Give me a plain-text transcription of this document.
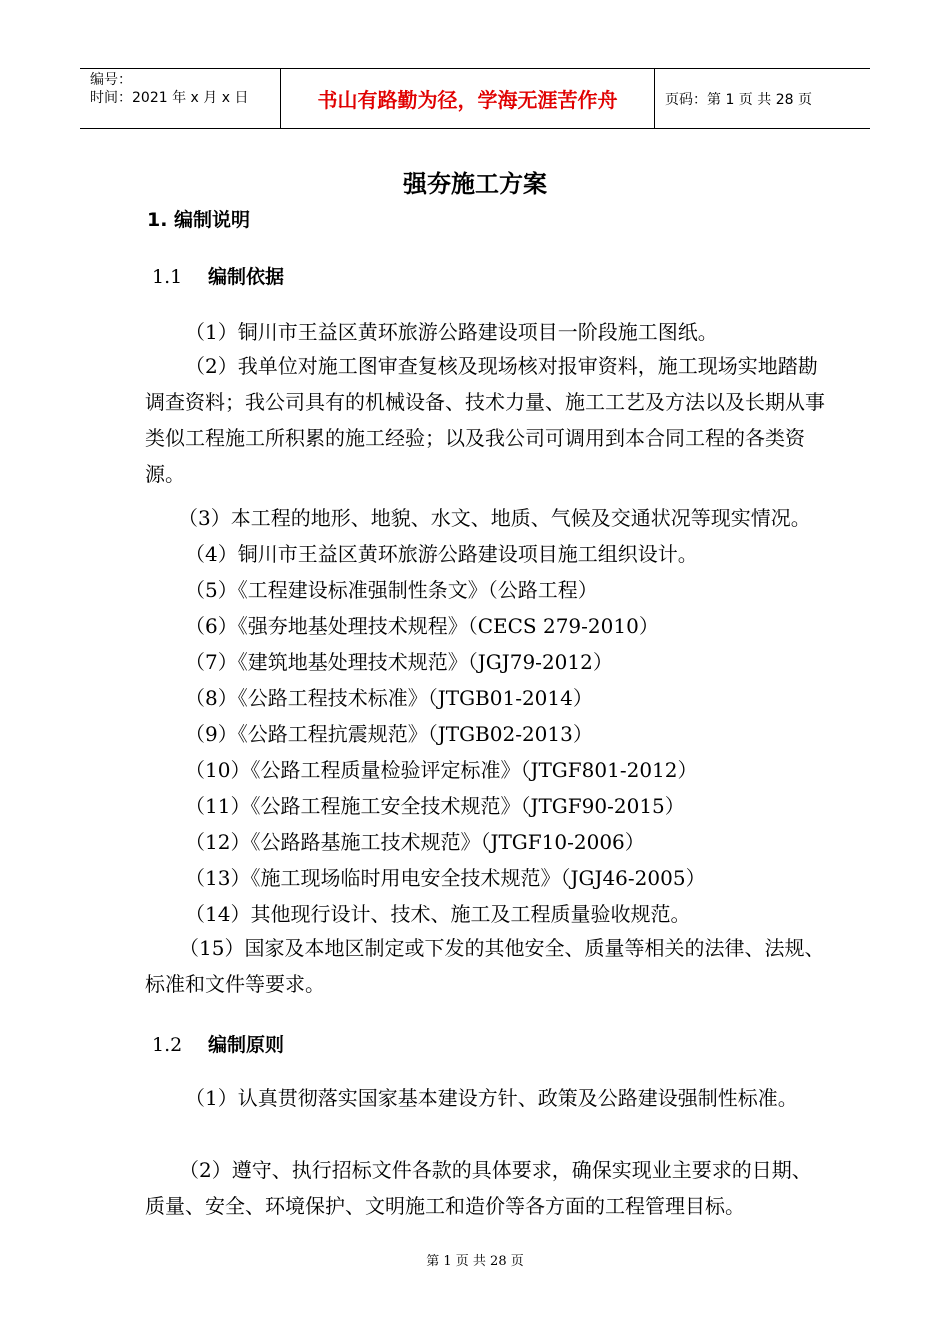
编号：
时间：2021 年 x 月 x 日	书山有路勤为径，学海无涯苦作舟	页码：第 1 页 共 28 页
强夯施工方案
1. 编制说明
1.1 编制依据
（1）铜川市王益区黄环旅游公路建设项目一阶段施工图纸。

（2）我单位对施工图审查复核及现场核对报审资料，施工现场实地踏勘调查资料；我公司具有的机械设备、技术力量、施工工艺及方法以及长期从事类似工程施工所积累的施工经验；以及我公司可调用到本合同工程的各类资源。

（3）本工程的地形、地貌、水文、地质、气候及交通状况等现实情况。
（4）铜川市王益区黄环旅游公路建设项目施工组织设计。
（5）《工程建设标准强制性条文》（公路工程）
（6）《强夯地基处理技术规程》（CECS 279-2010）
（7）《建筑地基处理技术规范》（JGJ79-2012）
（8）《公路工程技术标准》（JTGB01-2014）
（9）《公路工程抗震规范》（JTGB02-2013）
（10）《公路工程质量检验评定标准》（JTGF801-2012）
（11）《公路工程施工安全技术规范》（JTGF90-2015）
（12）《公路路基施工技术规范》（JTGF10-2006）
（13）《施工现场临时用电安全技术规范》（JGJ46-2005）
（14）其他现行设计、技术、施工及工程质量验收规范。

（15）国家及本地区制定或下发的其他安全、质量等相关的法律、法规、标准和文件等要求。

1.2 编制原则

（1）认真贯彻落实国家基本建设方针、政策及公路建设强制性标准。

（2）遵守、执行招标文件各款的具体要求，确保实现业主要求的日期、质量、安全、环境保护、文明施工和造价等各方面的工程管理目标。

第 1 页 共 28 页
